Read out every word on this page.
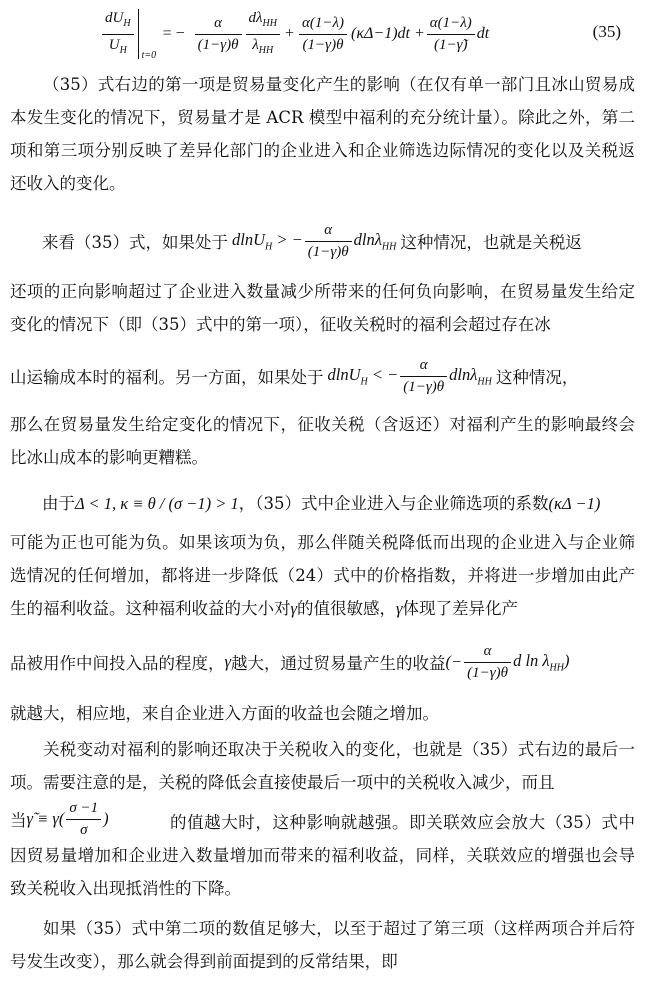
$\frac{dU_H}{U_H} t=0$
= − $\frac{\alpha}{(1-\gamma)\theta} \frac{d\lambda_{HH}}{\lambda_{HH}} + \frac{\alpha(1-\lambda)}{(1-\gamma)\theta} (\kappa\Delta-1)dt + \frac{\alpha(1-\lambda)}{(1-\gammã)}$ dt	(35)

（35）式右边的第一项是贸易量变化产生的影响（在仅有单一部门且冰山贸易成本发生变化的情况下，贸易量才是 ACR 模型中福利的充分统计量）。除此之外，第二项和第三项分别反映了差异化部门的企业进入和企业筛选边际情况的变化以及关税返还收入的变化。

来看（35）式，如果处于 dlnU$_H$ > − $\frac{\alpha}{(1-\gamma)\theta} dln\lambda_{HH}$ 这种情况，也就是关税返

还项的正向影响超过了企业进入数量减少所带来的任何负向影响，在贸易量发生给定变化的情况下（即（35）式中的第一项），征收关税时的福利会超过存在冰

山运输成本时的福利。另一方面，如果处于 dlnU$_H$ < − $\frac{\alpha}{(1-\gamma)\theta} dln\lambda_{HH}$ 这种情况，

那么在贸易量发生给定变化的情况下，征收关税（含返还）对福利产生的影响最终会比冰山成本的影响更糟糕。

由于Δ < 1, κ ≡ θ / (σ −1) > 1，（35）式中企业进入与企业筛选项的系数(κΔ −1)

可能为正也可能为负。如果该项为负，那么伴随关税降低而出现的企业进入与企业筛选情况的任何增加，都将进一步降低（24）式中的价格指数，并将进一步增加由此产生的福利收益。这种福利收益的大小对γ的值很敏感，γ体现了差异化产

品被用作中间投入品的程度， γ 越大，通过贸易量产生的收益 (− $\frac{\alpha}{(1-\gamma)\theta}$ d $\ln \lambda_{HH}$)

就越大，相应地，来自企业进入方面的收益也会随之增加。

关税变动对福利的影响还取决于关税收入的变化，也就是（35）式右边的最后一项。需要注意的是，关税的降低会直接使最后一项中的关税收入减少，而且

当 γ̃ ≡ $\gamma( \frac{\sigma -1}{\sigma}$ )	的值越大时，这种影响就越强。即关联效应会放大（35）式中因贸易量增加和企业进入数量增加而带来的福利收益，同样，关联效应的增强也会导致关税收入出现抵消性的下降。

如果（35）式中第二项的数值足够大，以至于超过了第三项（这样两项合并后符号发生改变），那么就会得到前面提到的反常结果，即
